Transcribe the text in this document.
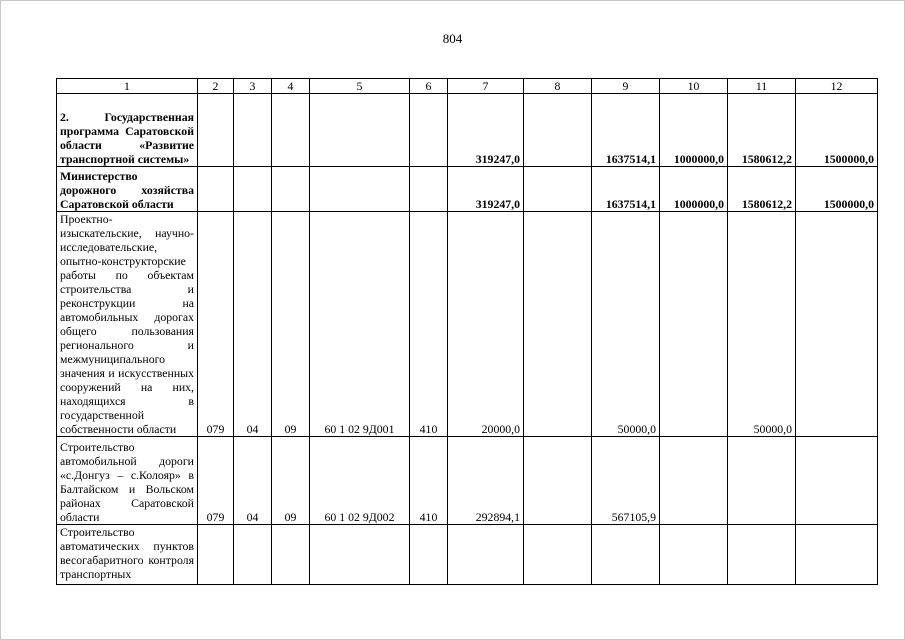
804
1	2	3	4	5	6	7	8	9	10	11	12
2. Государственная программа Саратовской области «Развитие транспортной системы»						319247,0		1637514,1	1000000,0	1580612,2	1500000,0
Министерство дорожного хозяйства Саратовской области						319247,0		1637514,1	1000000,0	1580612,2	1500000,0
Проектно-изыскательские, научно-исследовательские, опытно-конструкторские работы по объектам строительства и реконструкции на автомобильных дорогах общего пользования регионального и межмуниципального значения и искусственных сооружений на них, находящихся в государственной собственности области	079	04	09	60 1 02 9Д001	410	20000,0		50000,0		50000,0	
Строительство автомобильной дороги «с.Донгуз – с.Колояр» в Балтайском и Вольском районах Саратовской области	079	04	09	60 1 02 9Д002	410	292894,1		567105,9			
Строительство автоматических пунктов весогабаритного контроля транспортных											
